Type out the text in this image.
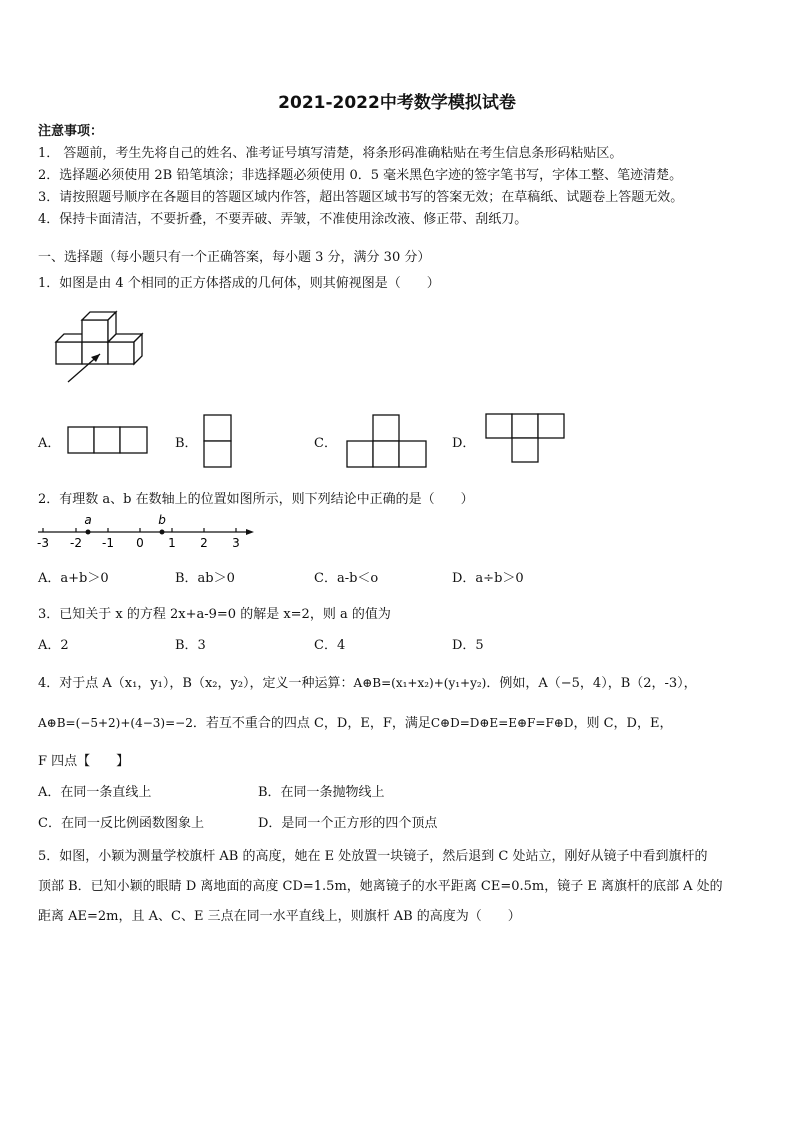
2021-2022中考数学模拟试卷
注意事项：
1． 答题前，考生先将自己的姓名、准考证号填写清楚，将条形码准确粘贴在考生信息条形码粘贴区。
2．选择题必须使用 2B 铅笔填涂；非选择题必须使用 0．5 毫米黑色字迹的签字笔书写，字体工整、笔迹清楚。
3．请按照题号顺序在各题目的答题区域内作答，超出答题区域书写的答案无效；在草稿纸、试题卷上答题无效。
4．保持卡面清洁，不要折叠，不要弄破、弄皱，不准使用涂改液、修正带、刮纸刀。
一、选择题（每小题只有一个正确答案，每小题 3 分，满分 30 分）
1．如图是由 4 个相同的正方体搭成的几何体，则其俯视图是（　　）
A．	B．	C．	D．
2．有理数 a、b 在数轴上的位置如图所示，则下列结论中正确的是（　　）
a	b
-3 -2 -1 0 1 2 3
A．a+b＞0	B．ab＞0	C．a-b＜o	D．a÷b＞0
3．已知关于 x 的方程 2x+a-9=0 的解是 x=2，则 a 的值为
A．2	B．3	C．4	D．5
4．对于点 A（x₁，y₁），B（x₂，y₂），定义一种运算：A⊕B=(x₁+x₂)+(y₁+y₂)．例如，A（−5，4），B（2，-3），
A⊕B=(−5+2)+(4−3)=−2．若互不重合的四点 C，D，E，F，满足C⊕D=D⊕E=E⊕F=F⊕D，则 C，D，E，
F 四点【　　】
A．在同一条直线上	B．在同一条抛物线上
C．在同一反比例函数图象上	D．是同一个正方形的四个顶点
5．如图，小颖为测量学校旗杆 AB 的高度，她在 E 处放置一块镜子，然后退到 C 处站立，刚好从镜子中看到旗杆的
顶部 B．已知小颖的眼睛 D 离地面的高度 CD=1.5m，她离镜子的水平距离 CE=0.5m，镜子 E 离旗杆的底部 A 处的
距离 AE=2m，且 A、C、E 三点在同一水平直线上，则旗杆 AB 的高度为（　　）
